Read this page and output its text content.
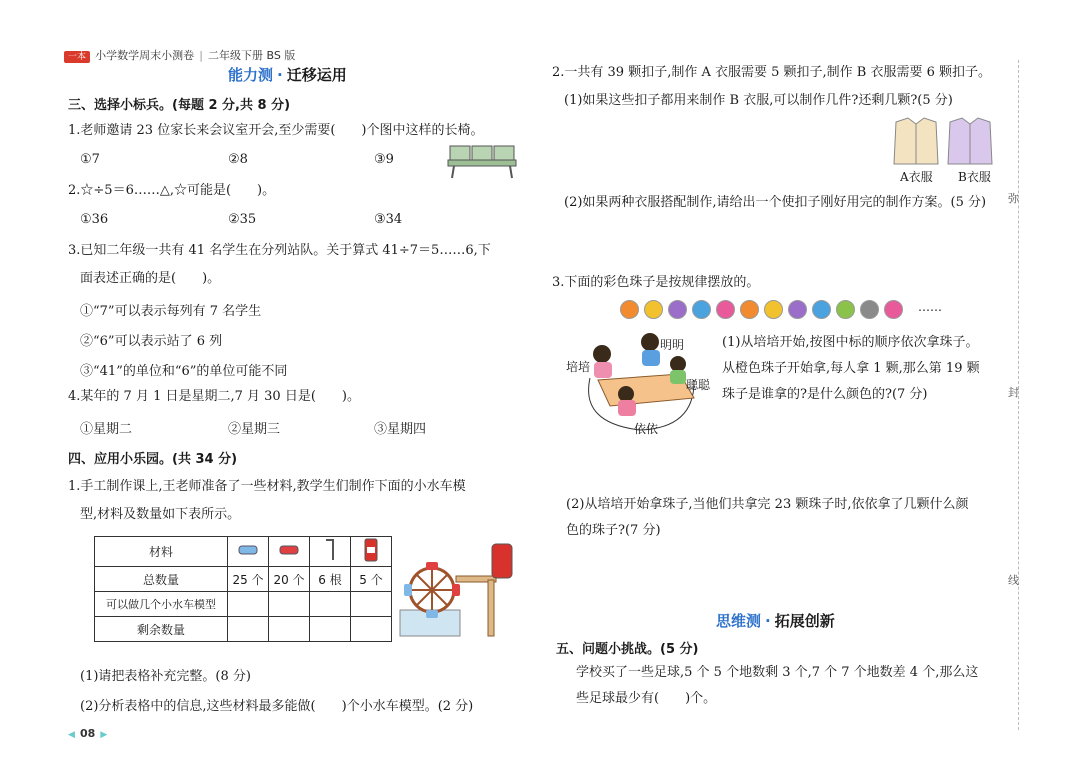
一本 小学数学周末小测卷 | 二年级下册 BS 版
能力测 · 迁移运用
三、选择小标兵。(每题 2 分,共 8 分)
1.老师邀请 23 位家长来会议室开会,至少需要(　　)个图中这样的长椅。
①7	②8	③9
2.☆÷5＝6……△,☆可能是(　　)。
①36	②35	③34
3.已知二年级一共有 41 名学生在分列站队。关于算式 41÷7＝5……6,下
面表述正确的是(　　)。
①“7”可以表示每列有 7 名学生
②“6”可以表示站了 6 列
③“41”的单位和“6”的单位可能不同
4.某年的 7 月 1 日是星期二,7 月 30 日是(　　)。
①星期二	②星期三	③星期四
四、应用小乐园。(共 34 分)
1.手工制作课上,王老师准备了一些材料,教学生们制作下面的小水车模
型,材料及数量如下表所示。
材料				
总数量	25 个	20 个	6 根	5 个
可以做几个小水车模型				
剩余数量				
(1)请把表格补充完整。(8 分)
(2)分析表格中的信息,这些材料最多能做(　　)个小水车模型。(2 分)
◀ 08 ▶
2.一共有 39 颗扣子,制作 A 衣服需要 5 颗扣子,制作 B 衣服需要 6 颗扣子。
(1)如果这些扣子都用来制作 B 衣服,可以制作几件?还剩几颗?(5 分)
A衣服 B衣服
(2)如果两种衣服搭配制作,请给出一个使扣子刚好用完的制作方案。(5 分)
3.下面的彩色珠子是按规律摆放的。
……
培培
明明
聪聪
依依
(1)从培培开始,按图中标的顺序依次拿珠子。
从橙色珠子开始拿,每人拿 1 颗,那么第 19 颗
珠子是谁拿的?是什么颜色的?(7 分)
(2)从培培开始拿珠子,当他们共拿完 23 颗珠子时,依依拿了几颗什么颜
色的珠子?(7 分)
思维测 · 拓展创新
五、问题小挑战。(5 分)
学校买了一些足球,5 个 5 个地数剩 3 个,7 个 7 个地数差 4 个,那么这
些足球最少有(　　)个。
弥
封
线
